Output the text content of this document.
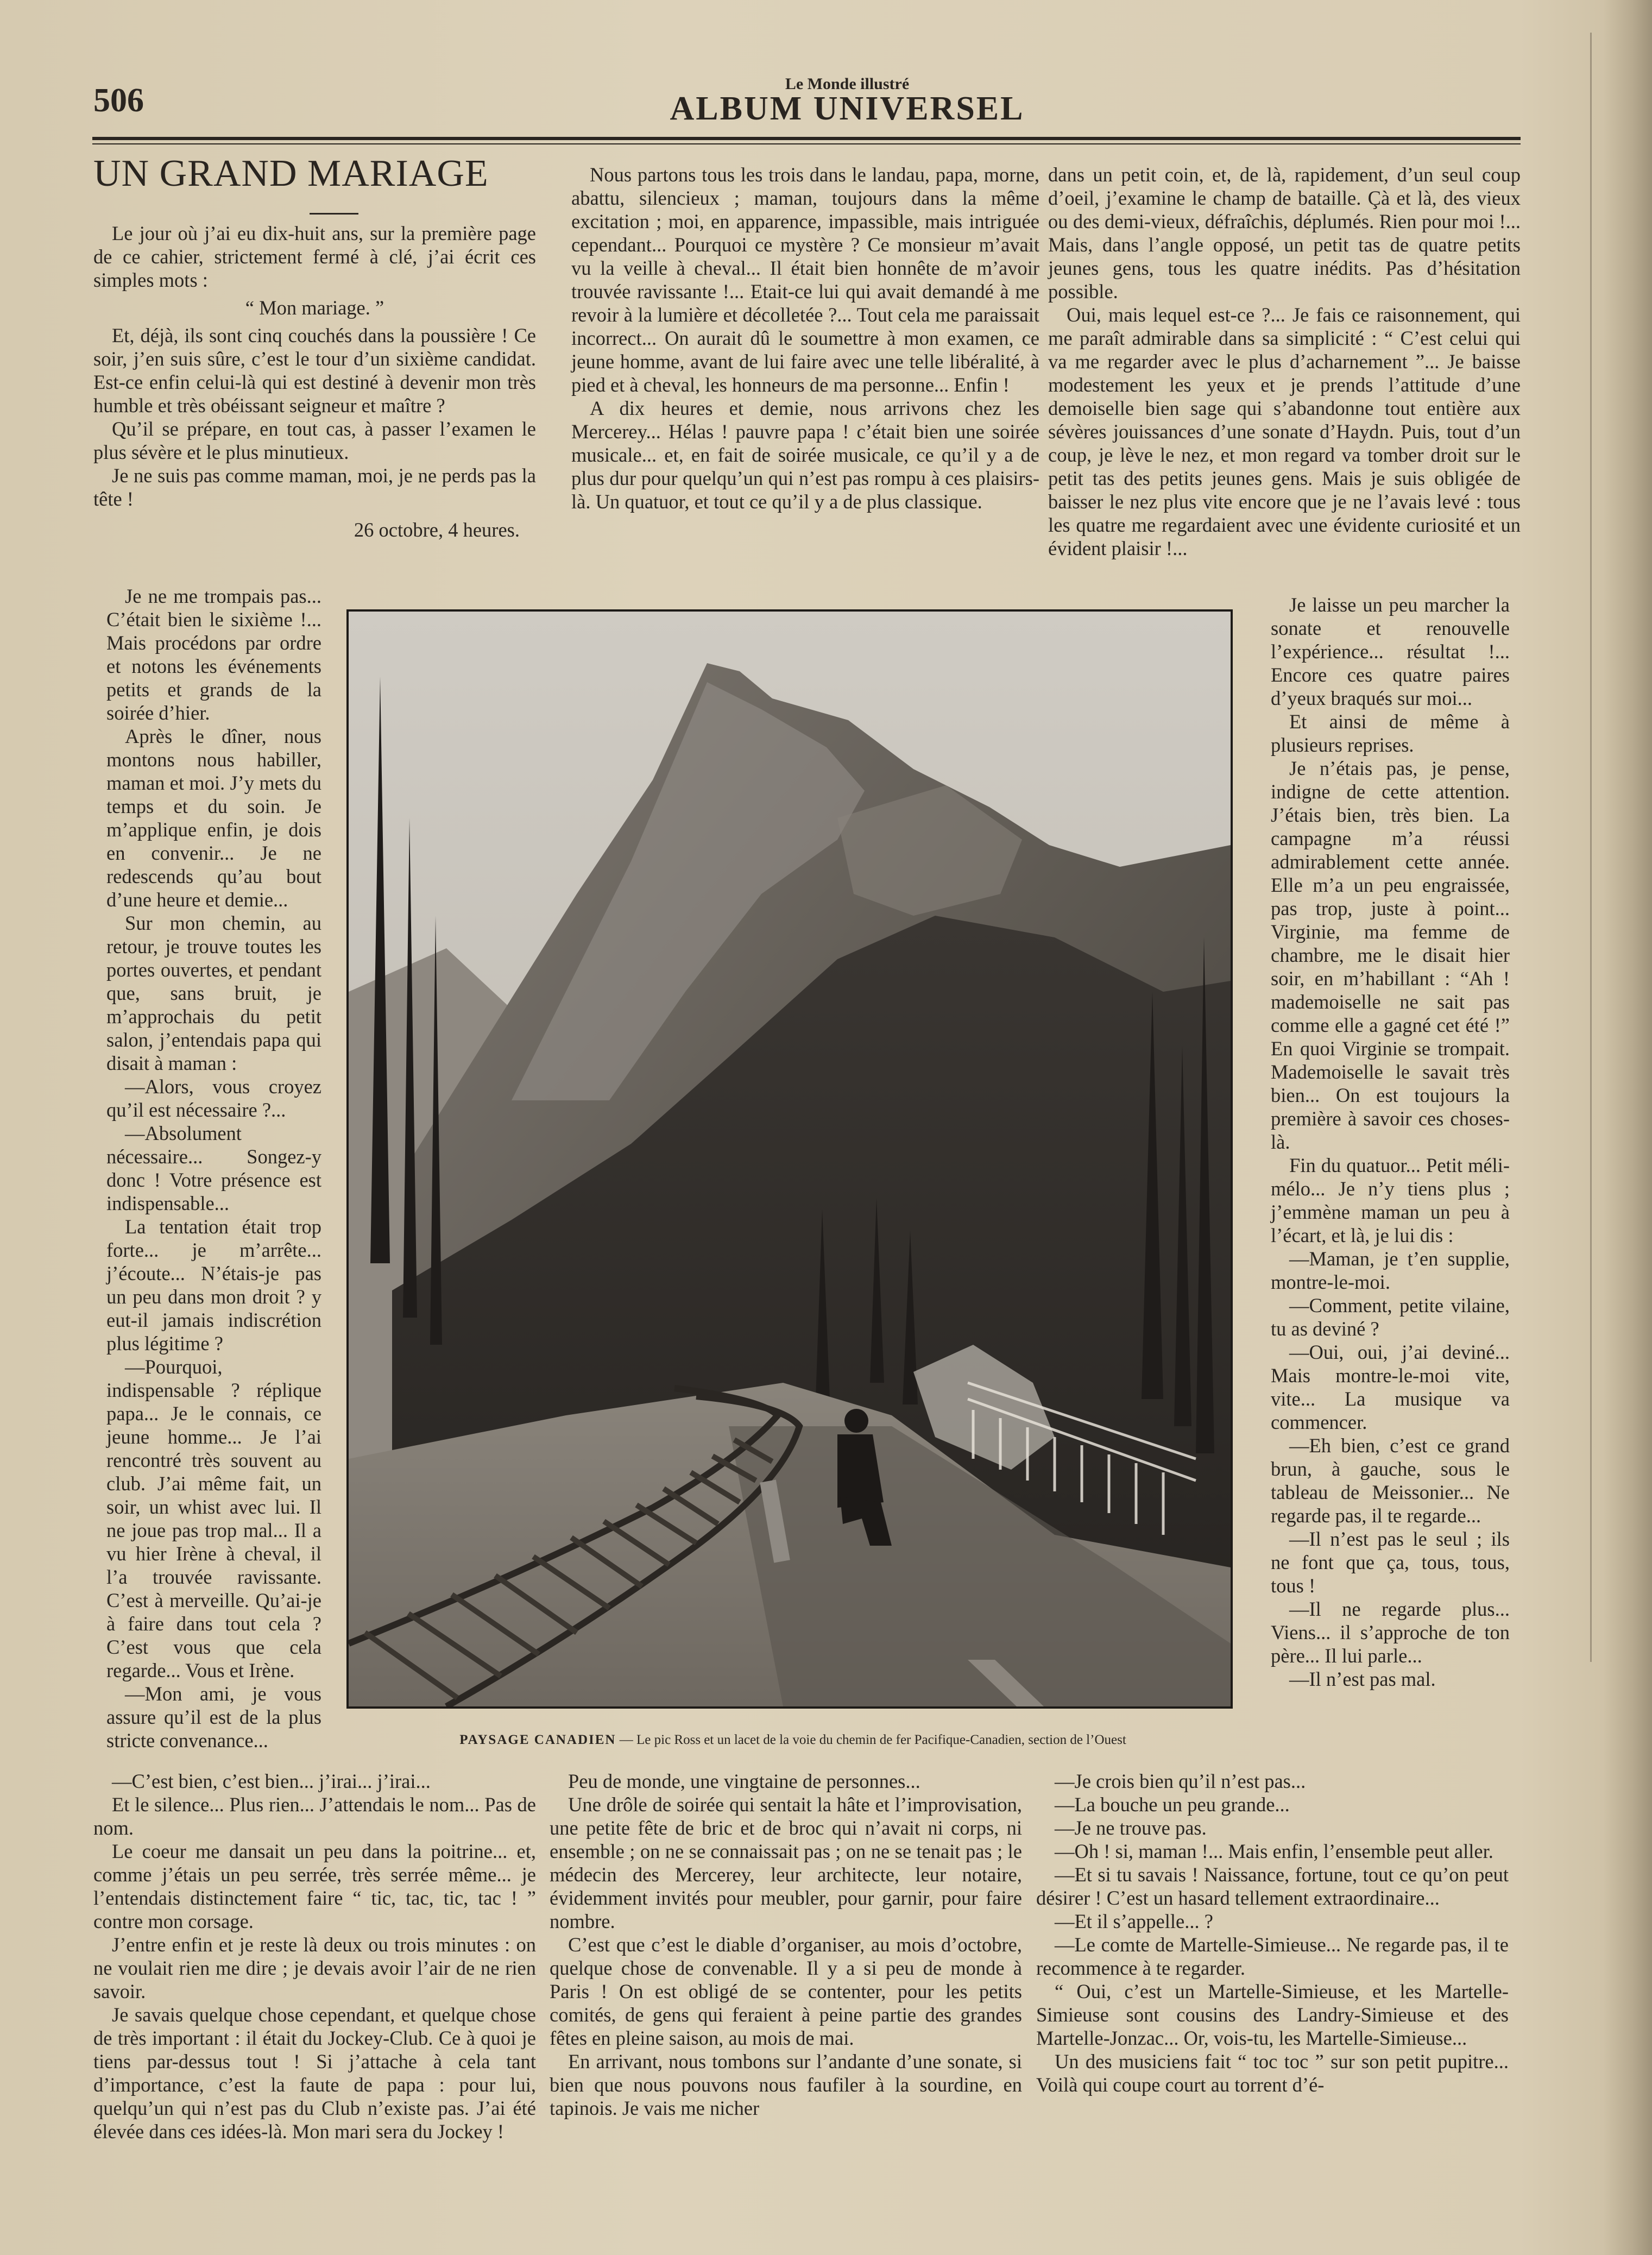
506	Le Monde illustré
ALBUM UNIVERSEL
UN GRAND MARIAGE

Le jour où j’ai eu dix-huit ans, sur la première page de ce cahier, strictement fermé à clé, j’ai écrit ces simples mots :

“ Mon mariage. ”

Et, déjà, ils sont cinq couchés dans la poussière ! Ce soir, j’en suis sûre, c’est le tour d’un sixième candidat. Est-ce enfin celui-là qui est destiné à devenir mon très humble et très obéissant seigneur et maître ?

Qu’il se prépare, en tout cas, à passer l’examen le plus sévère et le plus minutieux.

Je ne suis pas comme maman, moi, je ne perds pas la tête !

26 octobre, 4 heures.

Nous partons tous les trois dans le landau, papa, morne, abattu, silencieux ; maman, toujours dans la même excitation ; moi, en apparence, impassible, mais intriguée cependant... Pourquoi ce mystère ? Ce monsieur m’avait vu la veille à cheval... Il était bien honnête de m’avoir trouvée ravissante !... Etait-ce lui qui avait demandé à me revoir à la lumière et décolletée ?... Tout cela me paraissait incorrect... On aurait dû le soumettre à mon examen, ce jeune homme, avant de lui faire avec une telle libéralité, à pied et à cheval, les honneurs de ma personne... Enfin !

A dix heures et demie, nous arrivons chez les Mercerey... Hélas ! pauvre papa ! c’était bien une soirée musicale... et, en fait de soirée musicale, ce qu’il y a de plus dur pour quelqu’un qui n’est pas rompu à ces plaisirs-là. Un quatuor, et tout ce qu’il y a de plus classique.

dans un petit coin, et, de là, rapidement, d’un seul coup d’oeil, j’examine le champ de bataille. Çà et là, des vieux ou des demi-vieux, défraîchis, déplumés. Rien pour moi !... Mais, dans l’angle opposé, un petit tas de quatre petits jeunes gens, tous les quatre inédits. Pas d’hésitation possible.

Oui, mais lequel est-ce ?... Je fais ce raisonnement, qui me paraît admirable dans sa simplicité : “ C’est celui qui va me regarder avec le plus d’acharnement ”... Je baisse modestement les yeux et je prends l’attitude d’une demoiselle bien sage qui s’abandonne tout entière aux sévères jouissances d’une sonate d’Haydn. Puis, tout d’un coup, je lève le nez, et mon regard va tomber droit sur le petit tas des petits jeunes gens. Mais je suis obligée de baisser le nez plus vite encore que je ne l’avais levé : tous les quatre me regardaient avec une évidente curiosité et un évident plaisir !...

Je ne me trompais pas... C’était bien le sixième !... Mais procédons par ordre et notons les événements petits et grands de la soirée d’hier.

Après le dîner, nous montons nous habiller, maman et moi. J’y mets du temps et du soin. Je m’applique enfin, je dois en convenir... Je ne redescends qu’au bout d’une heure et demie...

Sur mon chemin, au retour, je trouve toutes les portes ouvertes, et pendant que, sans bruit, je m’approchais du petit salon, j’entendais papa qui disait à maman :

—Alors, vous croyez qu’il est nécessaire ?...

—Absolument nécessaire... Songez-y donc ! Votre présence est indispensable...

La tentation était trop forte... je m’arrête... j’écoute... N’étais-je pas un peu dans mon droit ? y eut-il jamais indiscrétion plus légitime ?

—Pourquoi, indispensable ? réplique papa... Je le connais, ce jeune homme... Je l’ai rencontré très souvent au club. J’ai même fait, un soir, un whist avec lui. Il ne joue pas trop mal... Il a vu hier Irène à cheval, il l’a trouvée ravissante. C’est à merveille. Qu’ai-je à faire dans tout cela ? C’est vous que cela regarde... Vous et Irène.

—Mon ami, je vous assure qu’il est de la plus stricte convenance...

Je laisse un peu marcher la sonate et renouvelle l’expérience... résultat !... Encore ces quatre paires d’yeux braqués sur moi...

Et ainsi de même à plusieurs reprises.

Je n’étais pas, je pense, indigne de cette attention. J’étais bien, très bien. La campagne m’a réussi admirablement cette année. Elle m’a un peu engraissée, pas trop, juste à point... Virginie, ma femme de chambre, me le disait hier soir, en m’habillant : “Ah ! mademoiselle ne sait pas comme elle a gagné cet été !” En quoi Virginie se trompait. Mademoiselle le savait très bien... On est toujours la première à savoir ces choses-là.

Fin du quatuor... Petit méli-mélo... Je n’y tiens plus ; j’emmène maman un peu à l’écart, et là, je lui dis :

—Maman, je t’en supplie, montre-le-moi.

—Comment, petite vilaine, tu as deviné ?

—Oui, oui, j’ai deviné... Mais montre-le-moi vite, vite... La musique va commencer.

—Eh bien, c’est ce grand brun, à gauche, sous le tableau de Meissonier... Ne regarde pas, il te regarde...

—Il n’est pas le seul ; ils ne font que ça, tous, tous, tous !

—Il ne regarde plus... Viens... il s’approche de ton père... Il lui parle...

—Il n’est pas mal.

PAYSAGE CANADIEN — Le pic Ross et un lacet de la voie du chemin de fer Pacifique-Canadien, section de l’Ouest

—C’est bien, c’est bien... j’irai... j’irai...

Et le silence... Plus rien... J’attendais le nom... Pas de nom.

Le coeur me dansait un peu dans la poitrine... et, comme j’étais un peu serrée, très serrée même... je l’entendais distinctement faire “ tic, tac, tic, tac ! ” contre mon corsage.

J’entre enfin et je reste là deux ou trois minutes : on ne voulait rien me dire ; je devais avoir l’air de ne rien savoir.

Je savais quelque chose cependant, et quelque chose de très important : il était du Jockey-Club. Ce à quoi je tiens par-dessus tout ! Si j’attache à cela tant d’importance, c’est la faute de papa : pour lui, quelqu’un qui n’est pas du Club n’existe pas. J’ai été élevée dans ces idées-là. Mon mari sera du Jockey !

Peu de monde, une vingtaine de personnes...

Une drôle de soirée qui sentait la hâte et l’improvisation, une petite fête de bric et de broc qui n’avait ni corps, ni ensemble ; on ne se connaissait pas ; on ne se tenait pas ; le médecin des Mercerey, leur architecte, leur notaire, évidemment invités pour meubler, pour garnir, pour faire nombre.

C’est que c’est le diable d’organiser, au mois d’octobre, quelque chose de convenable. Il y a si peu de monde à Paris ! On est obligé de se contenter, pour les petits comités, de gens qui feraient à peine partie des grandes fêtes en pleine saison, au mois de mai.

En arrivant, nous tombons sur l’andante d’une sonate, si bien que nous pouvons nous faufiler à la sourdine, en tapinois. Je vais me nicher

—Je crois bien qu’il n’est pas...

—La bouche un peu grande...

—Je ne trouve pas.

—Oh ! si, maman !... Mais enfin, l’ensemble peut aller.

—Et si tu savais ! Naissance, fortune, tout ce qu’on peut désirer ! C’est un hasard tellement extraordinaire...

—Et il s’appelle... ?

—Le comte de Martelle-Simieuse... Ne regarde pas, il te recommence à te regarder.

“ Oui, c’est un Martelle-Simieuse, et les Martelle-Simieuse sont cousins des Landry-Simieuse et des Martelle-Jonzac... Or, vois-tu, les Martelle-Simieuse...

Un des musiciens fait “ toc toc ” sur son petit pupitre... Voilà qui coupe court au torrent d’é-
